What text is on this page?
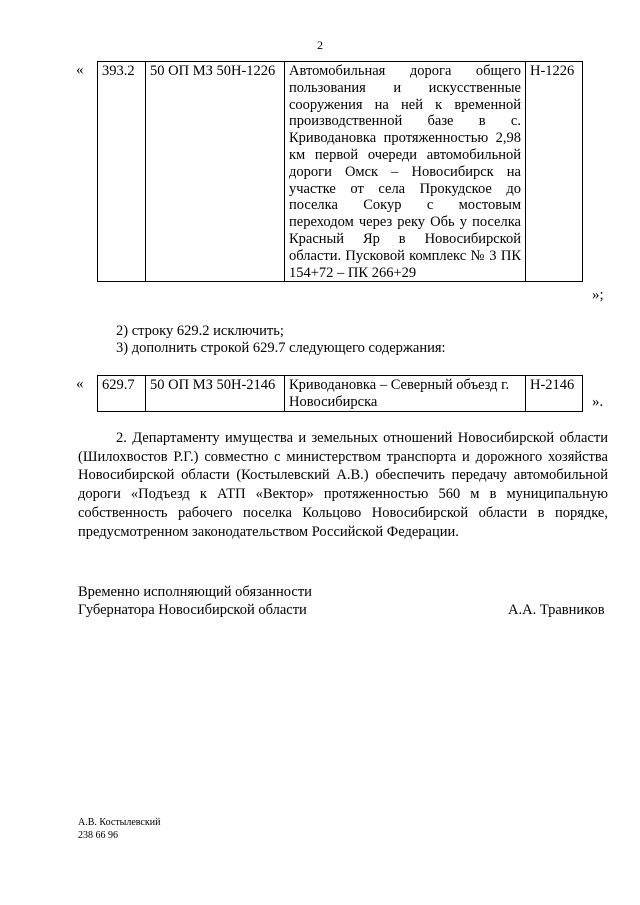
2
« 393.2	50 ОП МЗ 50Н-1226	Автомобильная дорога общего пользования и искусственные сооружения на ней к временной производственной базе в с. Криводановка протяженностью 2,98 км первой очереди автомобильной дороги Омск – Новосибирск на участке от села Прокудское до поселка Сокур с мостовым переходом через реку Обь у поселка Красный Яр в Новосибирской области. Пусковой комплекс № 3 ПК 154+72 – ПК 266+29	Н-1226
»;
2) строку 629.2 исключить;
3) дополнить строкой 629.7 следующего содержания:
« 629.7	50 ОП МЗ 50Н-2146	Криводановка – Северный объезд г. Новосибирска	Н-2146
».
2. Департаменту имущества и земельных отношений Новосибирской области (Шилохвостов Р.Г.) совместно с министерством транспорта и дорожного хозяйства Новосибирской области (Костылевский А.В.) обеспечить передачу автомобильной дороги «Подъезд к АТП «Вектор» протяженностью 560 м в муниципальную собственность рабочего поселка Кольцово Новосибирской области в порядке, предусмотренном законодательством Российской Федерации.
Временно исполняющий обязанности
Губернатора Новосибирской области	А.А. Травников
А.В. Костылевский
238 66 96
